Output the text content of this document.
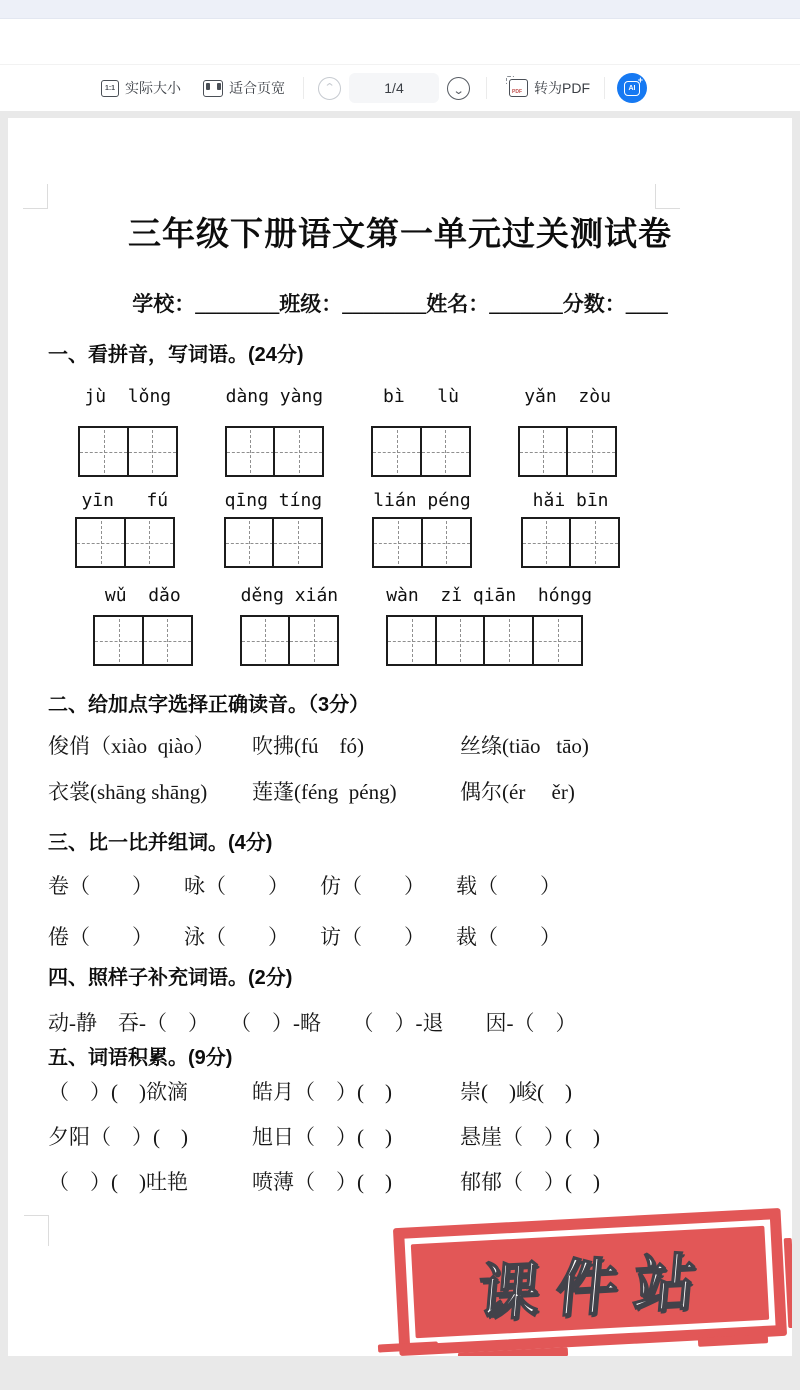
1:1 实际大小	适合页宽	⌃	1/4	⌃ PDF	转为PDF	AI
+
三年级下册语文第一单元过关测试卷
学校：________班级：________姓名：_______分数：____
一、看拼音，写词语。(24分)
jù  lǒng	dàng yàng	bì   lù	yǎn  zòu
yīn   fú	qīng tíng	lián péng	hǎi bīn
wǔ  dǎo	děng xián	wàn  zǐ qiān  hóngg
二、给加点字选择正确读音。（3分）
俊俏（xiào  qiào） 吹拂(fú    fó)	丝绦(tiāo   tāo)
衣裳(shāng shāng) 莲蓬(féng  péng)	偶尔(ér     ěr)
三、比一比并组词。(4分)
卷（　　）	咏（　　）	仿（　　）	载（　　）
倦（　　）	泳（　　）	访（　　）	裁（　　）
四、照样子补充词语。(2分)
动-静　吞-（　）　　（　）-略　　（　）-退　　因-（　）
五、词语积累。(9分)
（　）(　)欲滴	皓月（　）(　)	崇(　)峻(　)
夕阳（　）(　)	旭日（　）(　)	悬崖（　）(　)
（　）(　)吐艳	喷薄（　）(　)	郁郁（　）(　)
课件站
